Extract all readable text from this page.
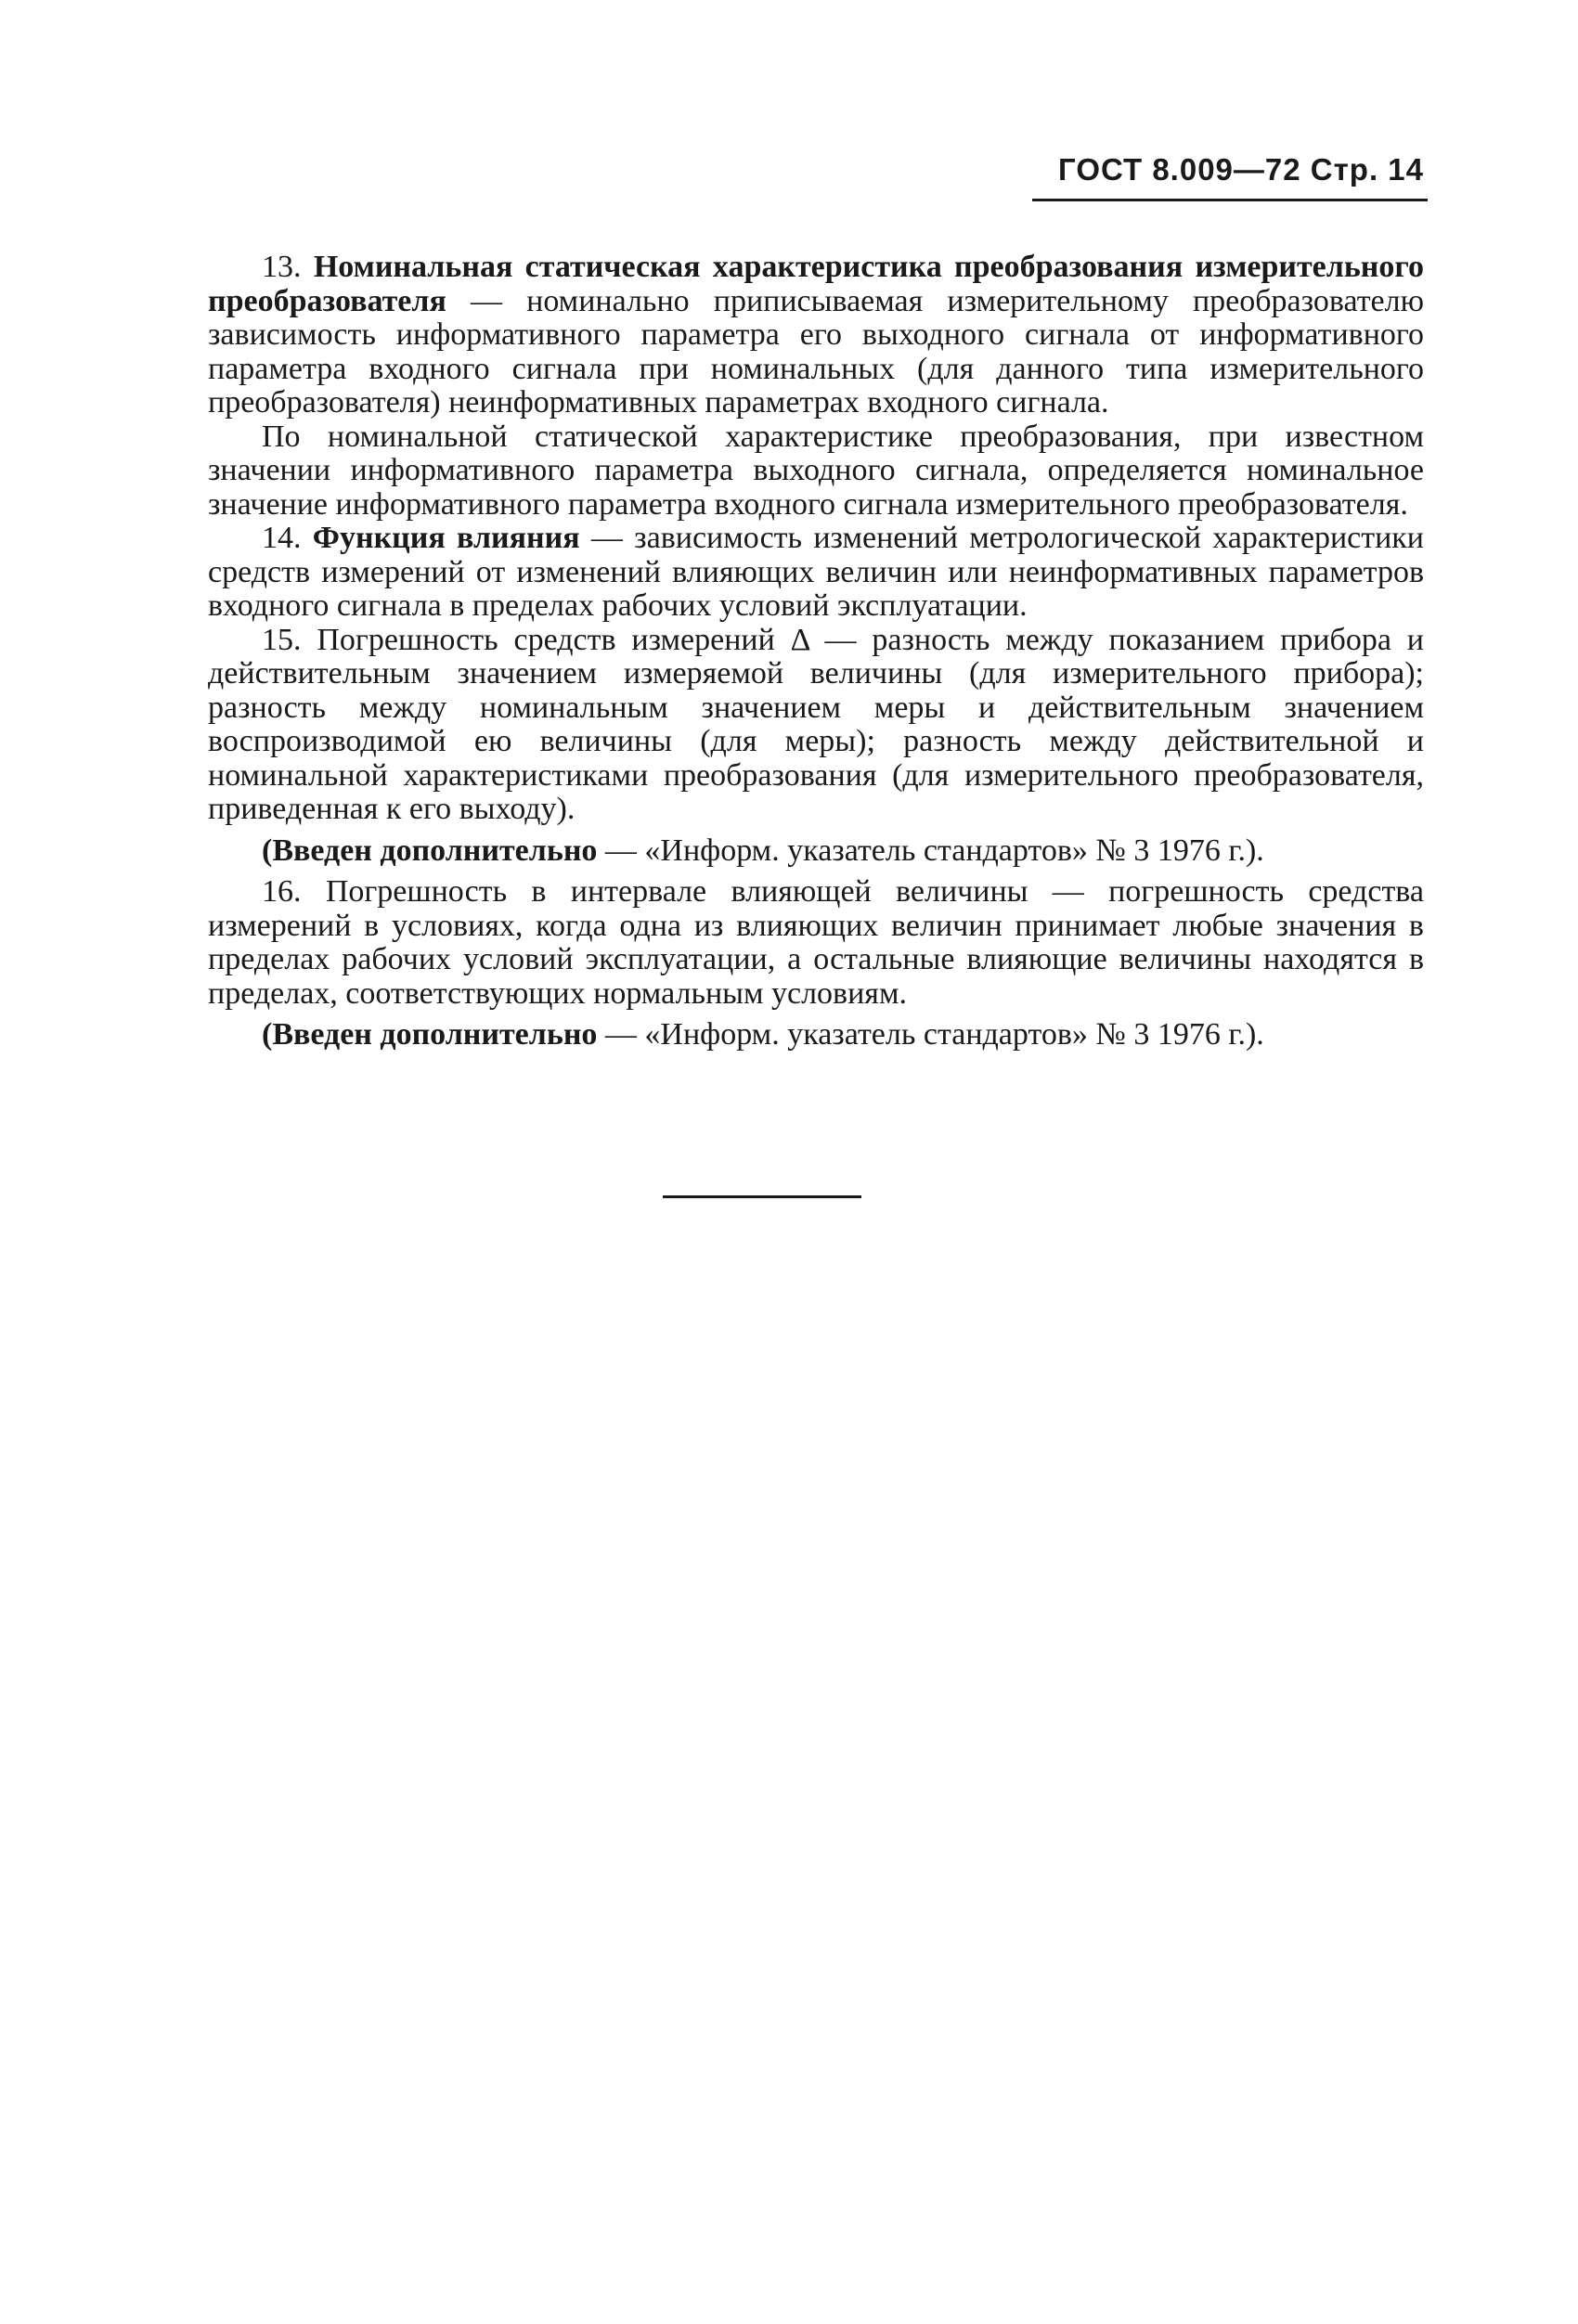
ГОСТ 8.009—72 Стр. 14

13. Номинальная статическая характеристика преобразования измерительного преобразователя — номинально приписываемая измерительному преобразователю зависимость информативного параметра его выходного сигнала от информативного параметра входного сигнала при номинальных (для данного типа измерительного преобразователя) неинформативных параметрах входного сигнала.

По номинальной статической характеристике преобразования, при известном значении информативного параметра выходного сигнала, определяется номинальное значение информативного параметра входного сигнала измерительного преобразователя.

14. Функция влияния — зависимость изменений метрологической характеристики средств измерений от изменений влияющих величин или неинформативных параметров входного сигнала в пределах рабочих условий эксплуатации.

15. Погрешность средств измерений Δ — разность между показанием прибора и действительным значением измеряемой величины (для измерительного прибора); разность между номинальным значением меры и действительным значением воспроизводимой ею величины (для меры); разность между действительной и номинальной характеристиками преобразования (для измерительного преобразователя, приведенная к его выходу).

(Введен дополнительно — «Информ. указатель стандартов» № 3 1976 г.).

16. Погрешность в интервале влияющей величины — погрешность средства измерений в условиях, когда одна из влияющих величин принимает любые значения в пределах рабочих условий эксплуатации, а остальные влияющие величины находятся в пределах, соответствующих нормальным условиям.

(Введен дополнительно — «Информ. указатель стандартов» № 3 1976 г.).
